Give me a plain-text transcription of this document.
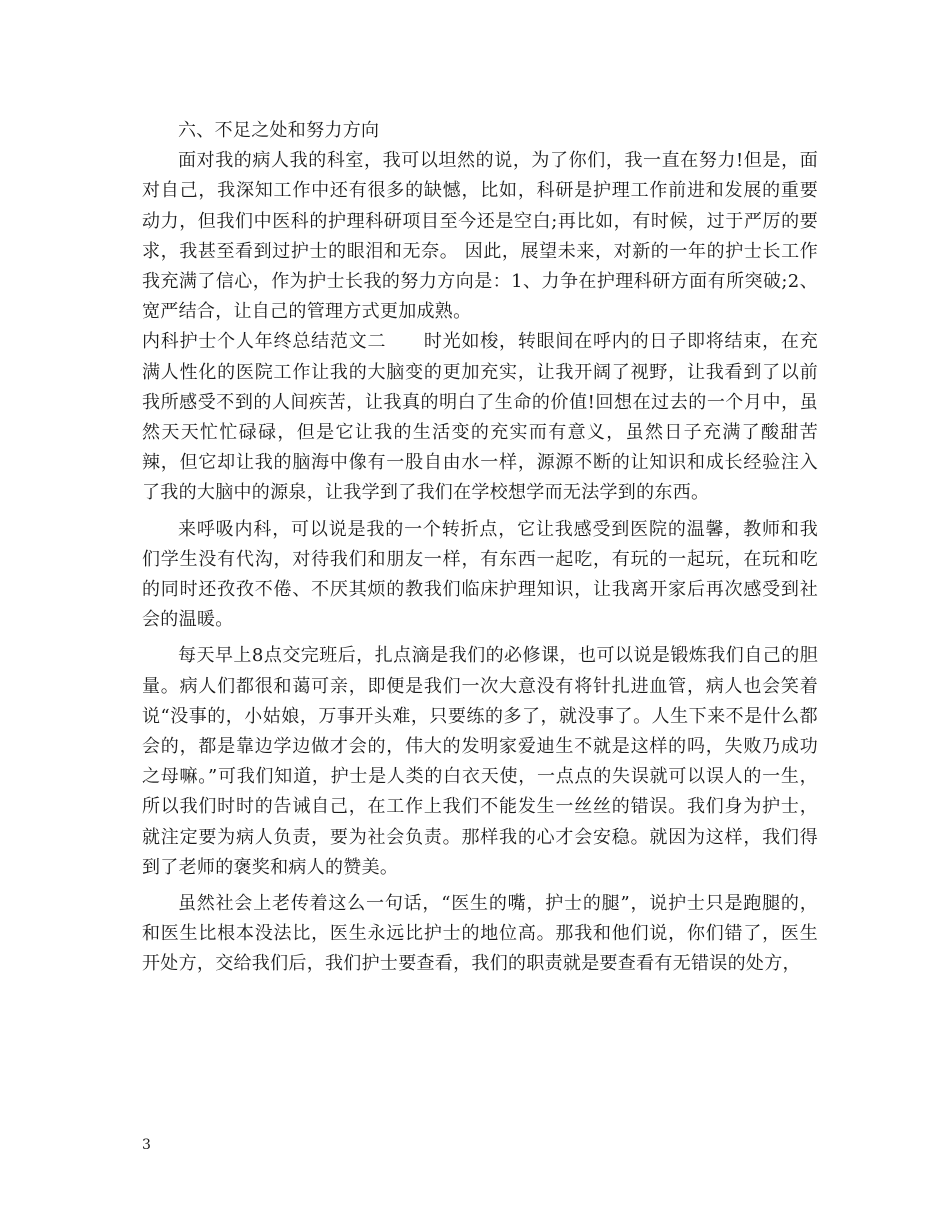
六、不足之处和努力方向

面对我的病人我的科室，我可以坦然的说，为了你们，我一直在努力!但是，面对自己，我深知工作中还有很多的缺憾，比如，科研是护理工作前进和发展的重要动力，但我们中医科的护理科研项目至今还是空白;再比如，有时候，过于严厉的要求，我甚至看到过护士的眼泪和无奈。 因此，展望未来，对新的一年的护士长工作我充满了信心，作为护士长我的努力方向是：1、力争在护理科研方面有所突破;2、宽严结合，让自己的管理方式更加成熟。

内科护士个人年终总结范文二　　时光如梭，转眼间在呼内的日子即将结束，在充满人性化的医院工作让我的大脑变的更加充实，让我开阔了视野，让我看到了以前我所感受不到的人间疾苦，让我真的明白了生命的价值!回想在过去的一个月中，虽然天天忙忙碌碌，但是它让我的生活变的充实而有意义，虽然日子充满了酸甜苦辣，但它却让我的脑海中像有一股自由水一样，源源不断的让知识和成长经验注入了我的大脑中的源泉，让我学到了我们在学校想学而无法学到的东西。

来呼吸内科，可以说是我的一个转折点，它让我感受到医院的温馨，教师和我们学生没有代沟，对待我们和朋友一样，有东西一起吃，有玩的一起玩，在玩和吃的同时还孜孜不倦、不厌其烦的教我们临床护理知识，让我离开家后再次感受到社会的温暖。

每天早上8点交完班后，扎点滴是我们的必修课，也可以说是锻炼我们自己的胆量。病人们都很和蔼可亲，即便是我们一次大意没有将针扎进血管，病人也会笑着说“没事的，小姑娘，万事开头难，只要练的多了，就没事了。人生下来不是什么都会的，都是靠边学边做才会的，伟大的发明家爱迪生不就是这样的吗，失败乃成功之母嘛。”可我们知道，护士是人类的白衣天使，一点点的失误就可以误人的一生，所以我们时时的告诫自己，在工作上我们不能发生一丝丝的错误。我们身为护士，就注定要为病人负责，要为社会负责。那样我的心才会安稳。就因为这样，我们得到了老师的褒奖和病人的赞美。

虽然社会上老传着这么一句话，“医生的嘴，护士的腿”，说护士只是跑腿的，和医生比根本没法比，医生永远比护士的地位高。那我和他们说，你们错了，医生开处方，交给我们后，我们护士要查看，我们的职责就是要查看有无错误的处方，

3
